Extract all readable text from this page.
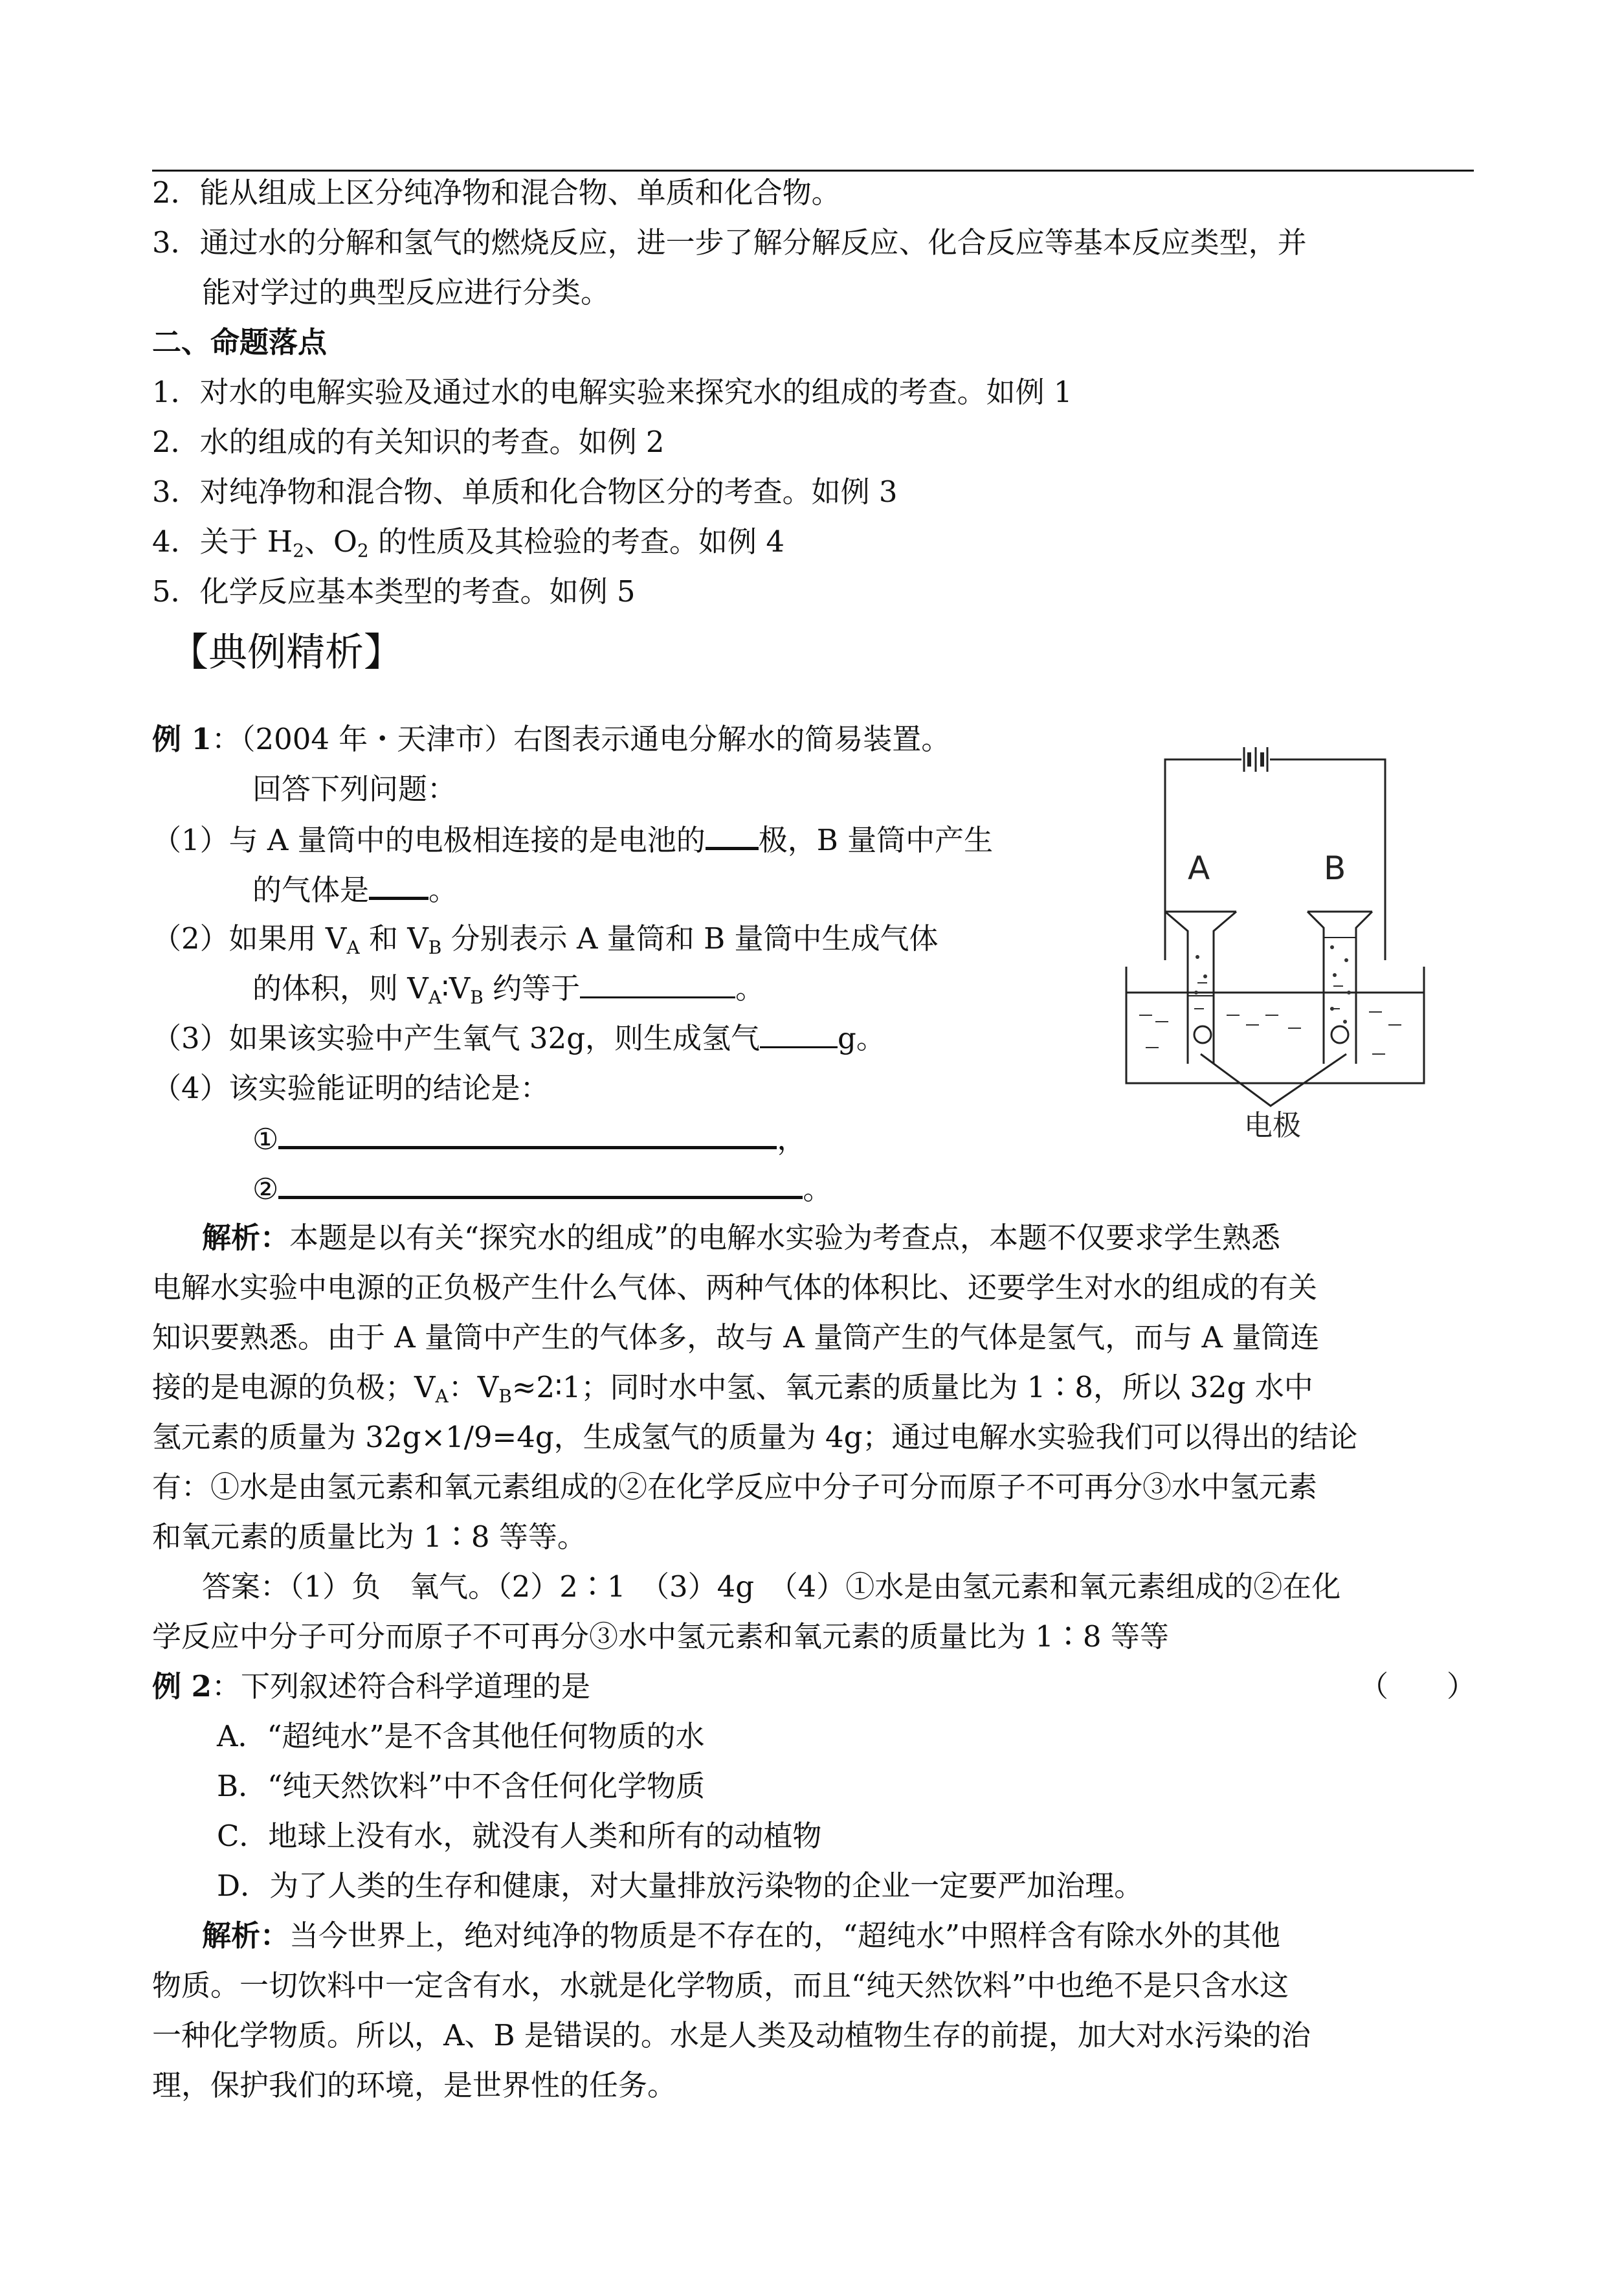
2．能从组成上区分纯净物和混合物、单质和化合物。
3．通过水的分解和氢气的燃烧反应，进一步了解分解反应、化合反应等基本反应类型，并
能对学过的典型反应进行分类。
二、命题落点
1．对水的电解实验及通过水的电解实验来探究水的组成的考查。如例 1
2．水的组成的有关知识的考查。如例 2
3．对纯净物和混合物、单质和化合物区分的考查。如例 3
4．关于 $H_2$、$O_2$ 的性质及其检验的考查。如例 4
5．化学反应基本类型的考查。如例 5
【典例精析】
例 1：（2004 年・天津市）右图表示通电分解水的简易装置。
回答下列问题：
（1）与 A 量筒中的电极相连接的是电池的 极，B 量筒中产生
的气体是 。
（2）如果用 $V_A$ 和 $V_B$ 分别表示 A 量筒和 B 量筒中生成气体
的体积，则 $V_A∶V_B$ 约等于	。
（3）如果该实验中产生氧气 32g，则生成氢气	g。
（4）该实验能证明的结论是：
①	，
②	。
A	B
电极
解析：本题是以有关“探究水的组成”的电解水实验为考查点，本题不仅要求学生熟悉
电解水实验中电源的正负极产生什么气体、两种气体的体积比、还要学生对水的组成的有关
知识要熟悉。由于 A 量筒中产生的气体多，故与 A 量筒产生的气体是氢气，而与 A 量筒连
接的是电源的负极；$V_A$：$V_B\approx 2∶1$；同时水中氢、氧元素的质量比为 1∶8，所以 32g 水中
氢元素的质量为 32g×1/9=4g，生成氢气的质量为 4g；通过电解水实验我们可以得出的结论
有：①水是由氢元素和氧元素组成的②在化学反应中分子可分而原子不可再分③水中氢元素
和氧元素的质量比为 1∶8 等等。
答案：（1）负　氧气。（2）2∶1　（3）4g　（4）①水是由氢元素和氧元素组成的②在化
学反应中分子可分而原子不可再分③水中氢元素和氧元素的质量比为 1∶8 等等
例 2：下列叙述符合科学道理的是	（　　）
A．“超纯水”是不含其他任何物质的水
B．“纯天然饮料”中不含任何化学物质
C．地球上没有水，就没有人类和所有的动植物
D．为了人类的生存和健康，对大量排放污染物的企业一定要严加治理。
解析：当今世界上，绝对纯净的物质是不存在的，“超纯水”中照样含有除水外的其他
物质。一切饮料中一定含有水，水就是化学物质，而且“纯天然饮料”中也绝不是只含水这
一种化学物质。所以，A、B 是错误的。水是人类及动植物生存的前提，加大对水污染的治
理，保护我们的环境，是世界性的任务。
